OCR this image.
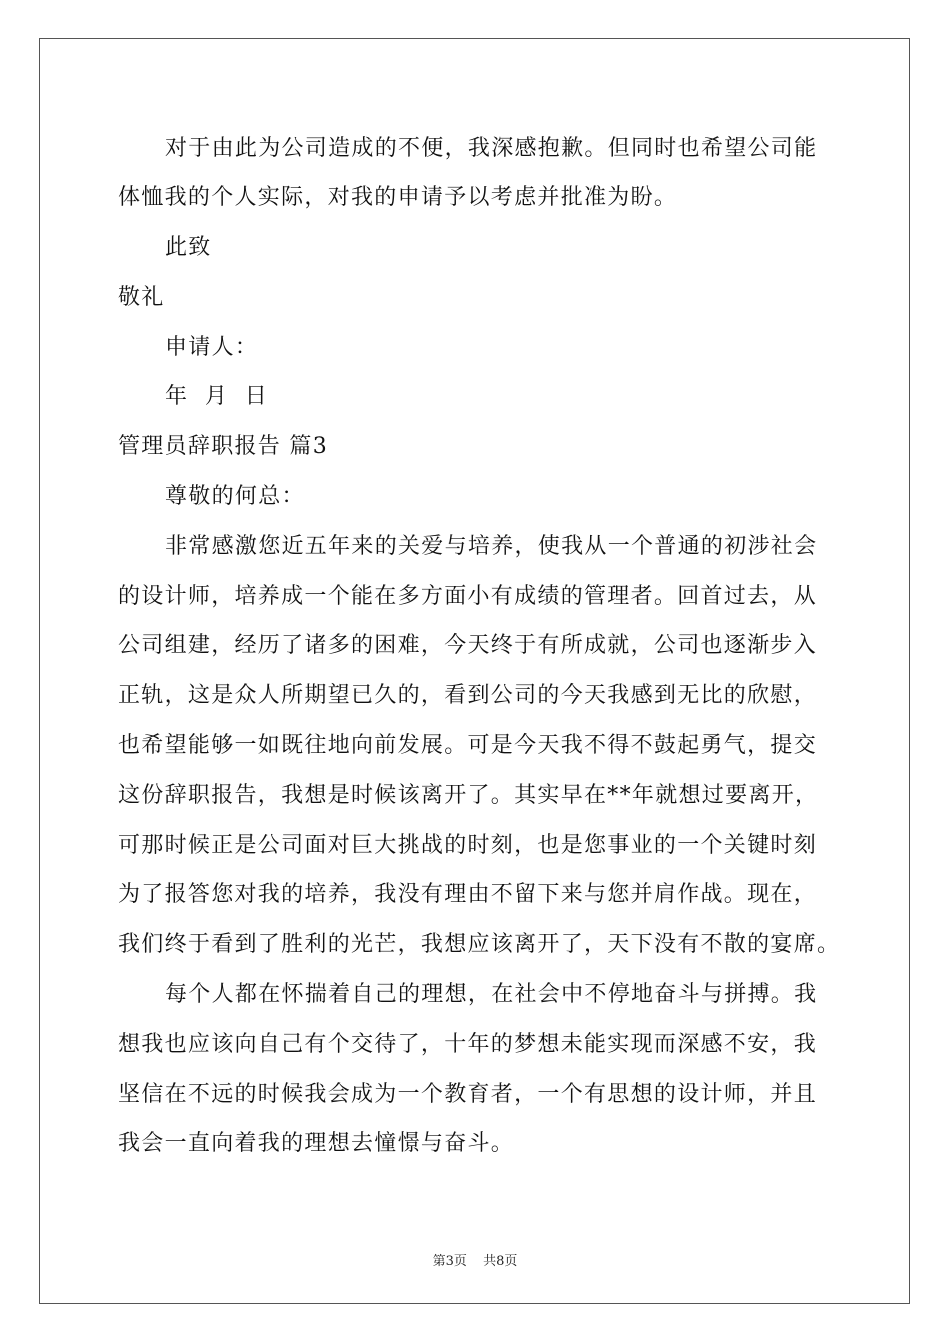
对于由此为公司造成的不便，我深感抱歉。但同时也希望公司能
体恤我的个人实际，对我的申请予以考虑并批准为盼。
此致
敬礼
申请人：
年  月  日
管理员辞职报告 篇3
尊敬的何总：
非常感激您近五年来的关爱与培养，使我从一个普通的初涉社会
的设计师，培养成一个能在多方面小有成绩的管理者。回首过去，从
公司组建，经历了诸多的困难，今天终于有所成就，公司也逐渐步入
正轨，这是众人所期望已久的，看到公司的今天我感到无比的欣慰，
也希望能够一如既往地向前发展。可是今天我不得不鼓起勇气，提交
这份辞职报告，我想是时候该离开了。其实早在**年就想过要离开，
可那时候正是公司面对巨大挑战的时刻，也是您事业的一个关键时刻
为了报答您对我的培养，我没有理由不留下来与您并肩作战。现在，
我们终于看到了胜利的光芒，我想应该离开了，天下没有不散的宴席。
每个人都在怀揣着自己的理想，在社会中不停地奋斗与拼搏。我
想我也应该向自己有个交待了，十年的梦想未能实现而深感不安，我
坚信在不远的时候我会成为一个教育者，一个有思想的设计师，并且
我会一直向着我的理想去憧憬与奋斗。
第3页 共8页
